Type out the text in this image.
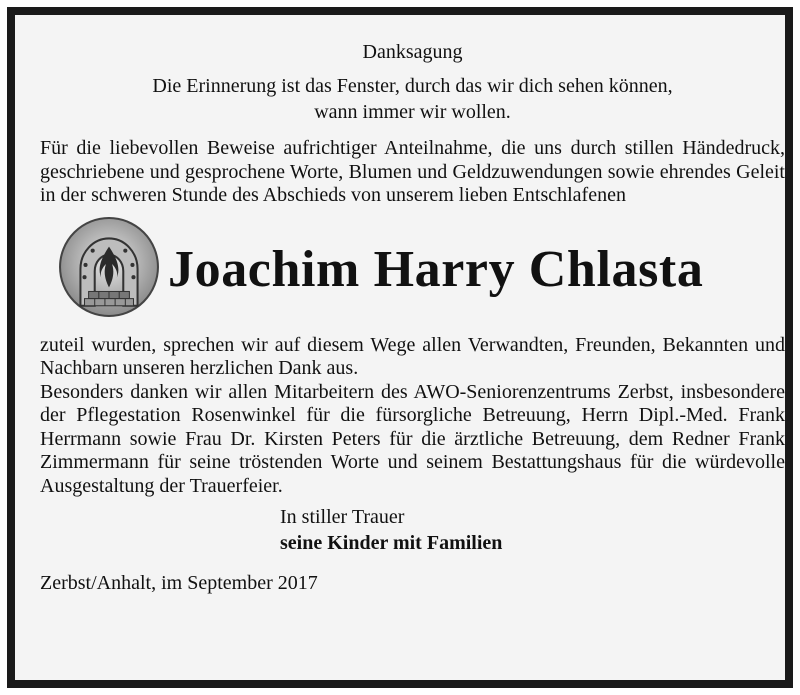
Danksagung
Die Erinnerung ist das Fenster, durch das wir dich sehen können,
wann immer wir wollen.
Für die liebevollen Beweise aufrichtiger Anteilnahme, die uns durch stillen Händedruck, geschriebene und gesprochene Worte, Blumen und Geldzuwendungen sowie ehrendes Geleit in der schweren Stunde des Abschieds von unserem lieben Entschlafenen
Joachim Harry Chlasta
zuteil wurden, sprechen wir auf diesem Wege allen Verwandten, Freunden, Bekannten und Nachbarn unseren herzlichen Dank aus.
Besonders danken wir allen Mitarbeitern des AWO-Seniorenzentrums Zerbst, insbesondere der Pflegestation Rosenwinkel für die fürsorgliche Betreuung, Herrn Dipl.-Med. Frank Herrmann sowie Frau Dr. Kirsten Peters für die ärztliche Betreuung, dem Redner Frank Zimmermann für seine tröstenden Worte und seinem Bestattungshaus für die würdevolle Ausgestaltung der Trauerfeier.
In stiller Trauer
seine Kinder mit Familien
Zerbst/Anhalt, im September 2017
